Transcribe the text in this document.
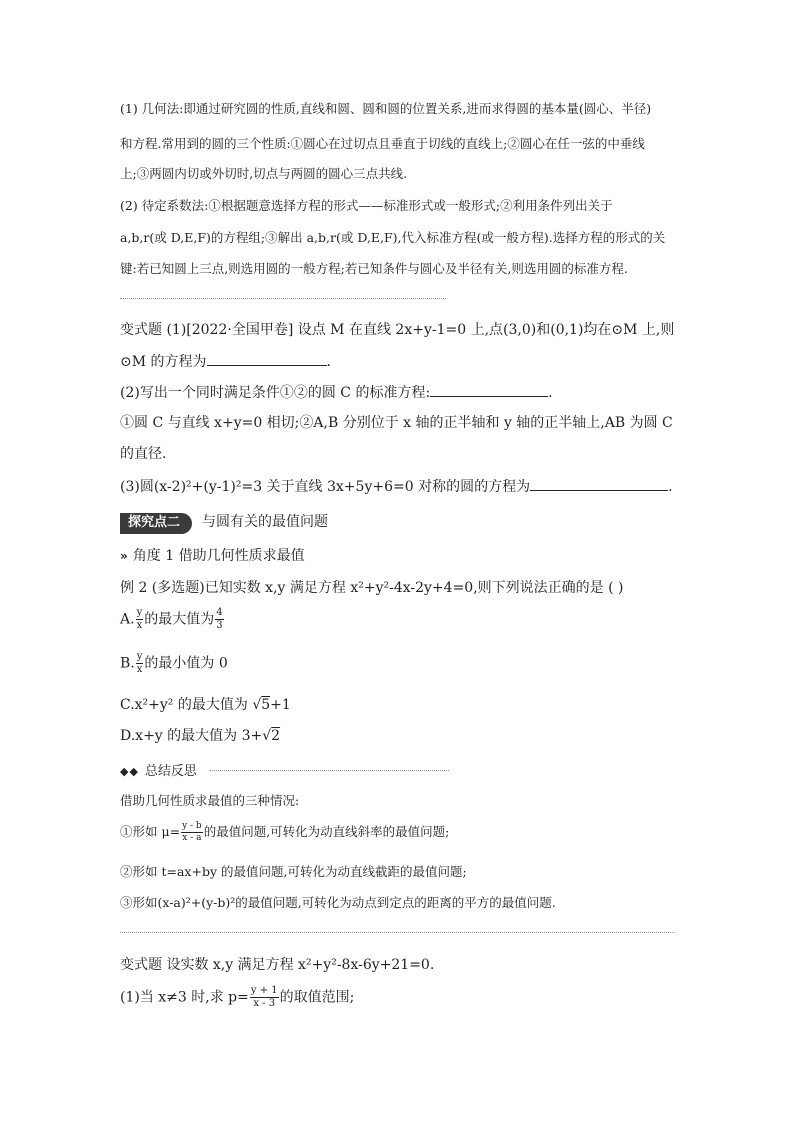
(1) 几何法:即通过研究圆的性质,直线和圆、圆和圆的位置关系,进而求得圆的基本量(圆心、半径)
和方程.常用到的圆的三个性质:①圆心在过切点且垂直于切线的直线上;②圆心在任一弦的中垂线
上;③两圆内切或外切时,切点与两圆的圆心三点共线.
(2) 待定系数法:①根据题意选择方程的形式——标准形式或一般形式;②利用条件列出关于
a,b,r(或 D,E,F)的方程组;③解出 a,b,r(或 D,E,F),代入标准方程(或一般方程).选择方程的形式的关
键:若已知圆上三点,则选用圆的一般方程;若已知条件与圆心及半径有关,则选用圆的标准方程.
变式题 (1)[2022·全国甲卷] 设点 M 在直线 2x+y-1=0 上,点(3,0)和(0,1)均在⊙M 上,则
⊙M 的方程为	.
(2)写出一个同时满足条件①②的圆 C 的标准方程:	.
①圆 C 与直线 x+y=0 相切;②A,B 分别位于 x 轴的正半轴和 y 轴的正半轴上,AB 为圆 C
的直径.
(3)圆(x-2)²+(y-1)²=3 关于直线 3x+5y+6=0 对称的圆的方程为	.
探究点二 与圆有关的最值问题
» 角度 1 借助几何性质求最值
例 2 (多选题)已知实数 x,y 满足方程 x²+y²-4x-2y+4=0,则下列说法正确的是 ( )
A. $\frac{y}{x}$ 的最大值为 $\frac{4}{3}$
B. $\frac{y}{x}$ 的最小值为 0
C.x²+y² 的最大值为 √5+1
D.x+y 的最大值为 3+√2
◆◆ 总结反思
借助几何性质求最值的三种情况:
①形如 $\mu= \frac{y - b}{x - a}$ 的最值问题,可转化为动直线斜率的最值问题;
②形如 t=ax+by 的最值问题,可转化为动直线截距的最值问题;
③形如(x-a)²+(y-b)²的最值问题,可转化为动点到定点的距离的平方的最值问题.
变式题 设实数 x,y 满足方程 x²+y²-8x-6y+21=0.
(1)当 x≠3 时,求 $p= \frac{y + 1}{x - 3}$ 的取值范围;
